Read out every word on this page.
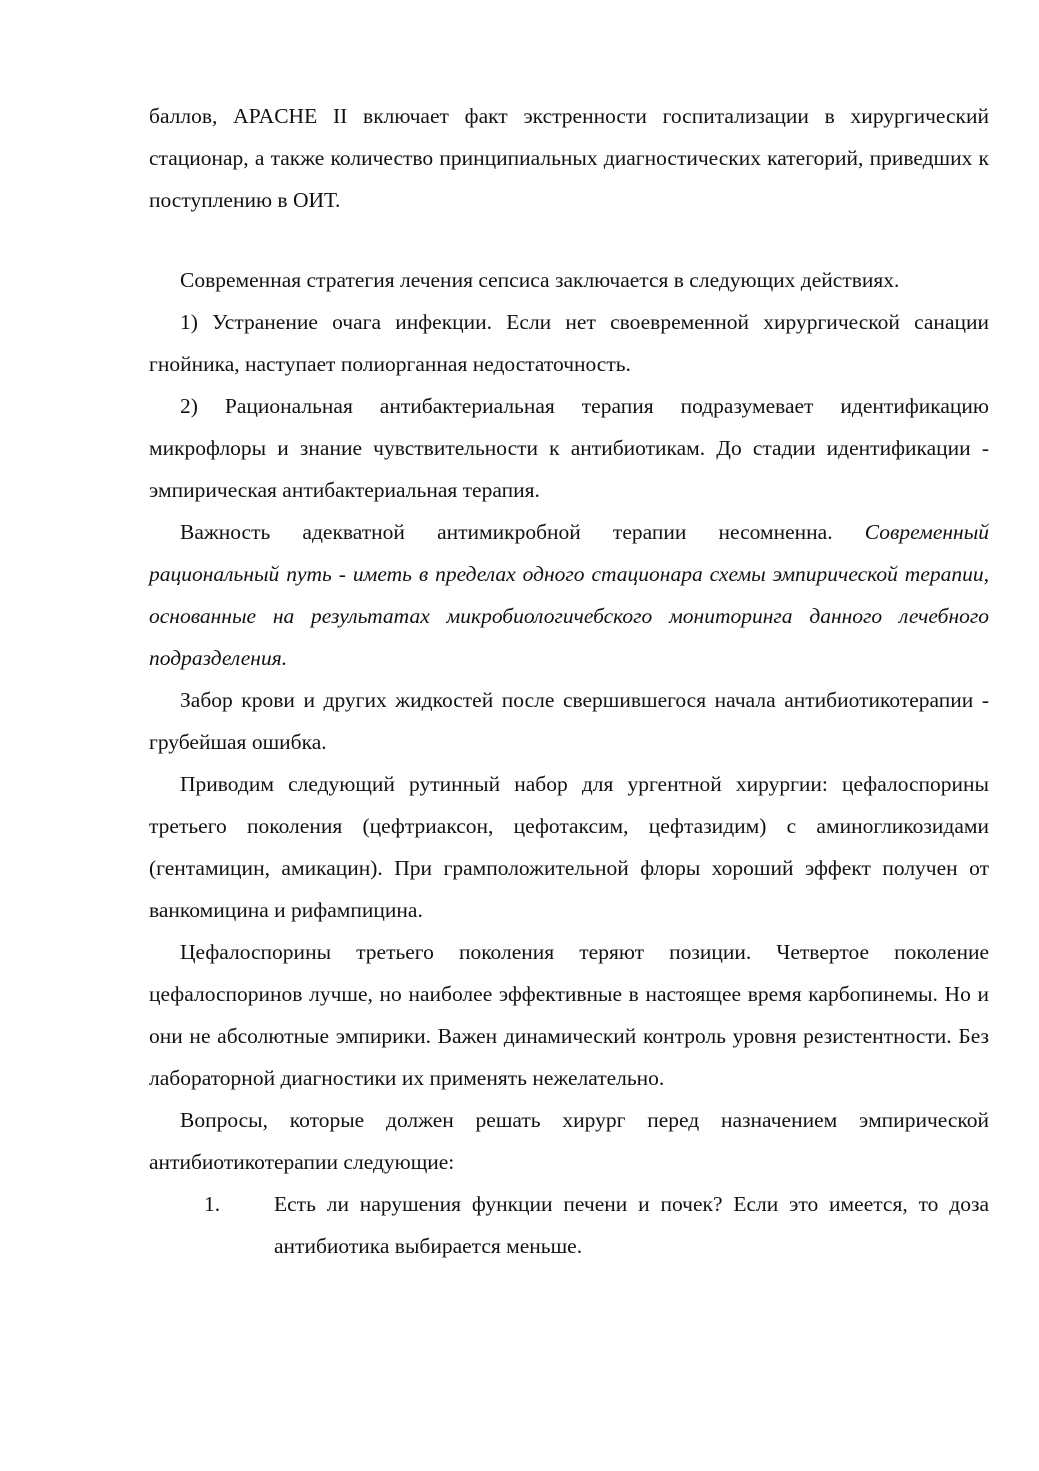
баллов, APACHE II включает факт экстренности госпитализации в хирургический стационар, а также количество принципиальных диагностических категорий, приведших к поступлению в ОИТ.

Современная стратегия лечения сепсиса заключается в следующих действиях.

1) Устранение очага инфекции. Если нет своевременной хирургической санации гнойника, наступает полиорганная недостаточность.

2) Рациональная антибактериальная терапия подразумевает идентификацию микрофлоры и знание чувствительности к антибиотикам. До стадии идентификации - эмпирическая антибактериальная терапия.

Важность адекватной антимикробной терапии несомненна. Современный рациональный путь - иметь в пределах одного стационара схемы эмпирической терапии, основанные на результатах микробиологичебского мониторинга данного лечебного подразделения.

Забор крови и других жидкостей после свершившегося начала антибиотикотерапии - грубейшая ошибка.

Приводим следующий рутинный набор для ургентной хирургии: цефалоспорины третьего поколения (цефтриаксон, цефотаксим, цефтазидим) с аминогликозидами (гентамицин, амикацин). При грамположительной флоры хороший эффект получен от ванкомицина и рифампицина.

Цефалоспорины третьего поколения теряют позиции. Четвертое поколение цефалоспоринов лучше, но наиболее эффективные в настоящее время карбопинемы. Но и они не абсолютные эмпирики. Важен динамический контроль уровня резистентности. Без лабораторной диагностики их применять нежелательно.

Вопросы, которые должен решать хирург перед назначением эмпирической антибиотикотерапии следующие:

1.	Есть ли нарушения функции печени и почек? Если это имеется, то доза антибиотика выбирается меньше.
